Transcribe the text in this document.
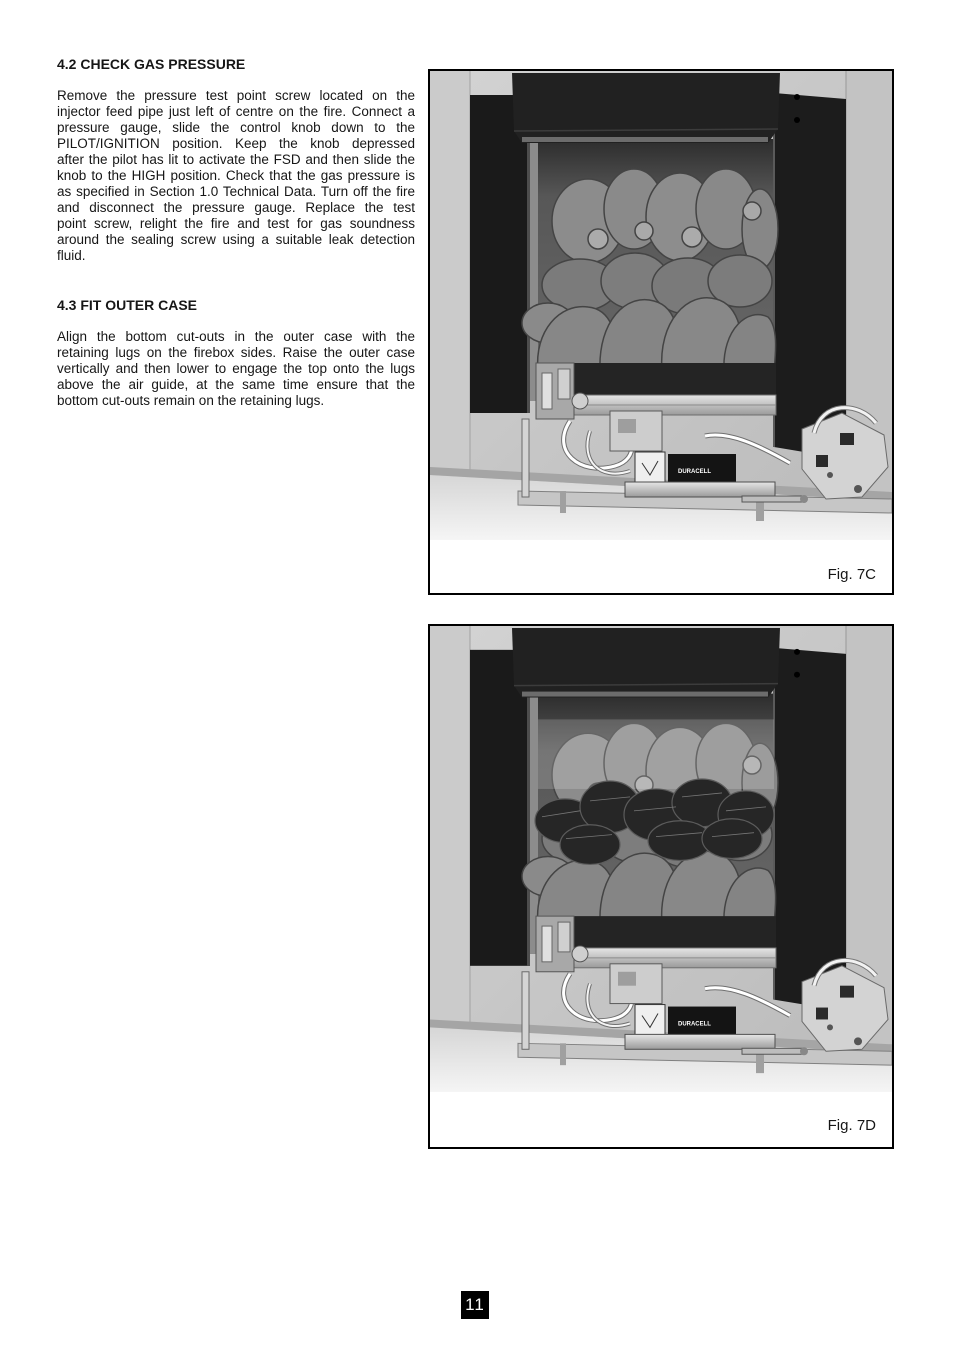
4.2 CHECK GAS PRESSURE
Remove the pressure test point screw located on the
injector feed pipe just left of centre on the fire. Connect a
pressure gauge, slide the control knob down to the
PILOT/IGNITION position. Keep the knob depressed
after the pilot has lit to activate the FSD and then slide the
knob to the HIGH position. Check that the gas pressure is
as specified in Section 1.0 Technical Data. Turn off the fire
and disconnect the pressure gauge. Replace the test
point screw, relight the fire and test for gas soundness
around the sealing screw using a suitable leak detection
fluid.
4.3 FIT OUTER CASE
Align the bottom cut-outs in the outer case with the
retaining lugs on the firebox sides. Raise the outer case
vertically and then lower to engage the top onto the lugs
above the air guide, at the same time ensure that the
bottom cut-outs remain on the retaining lugs.
DURACELL
Fig. 7C
DURACELL
Fig. 7D
11
